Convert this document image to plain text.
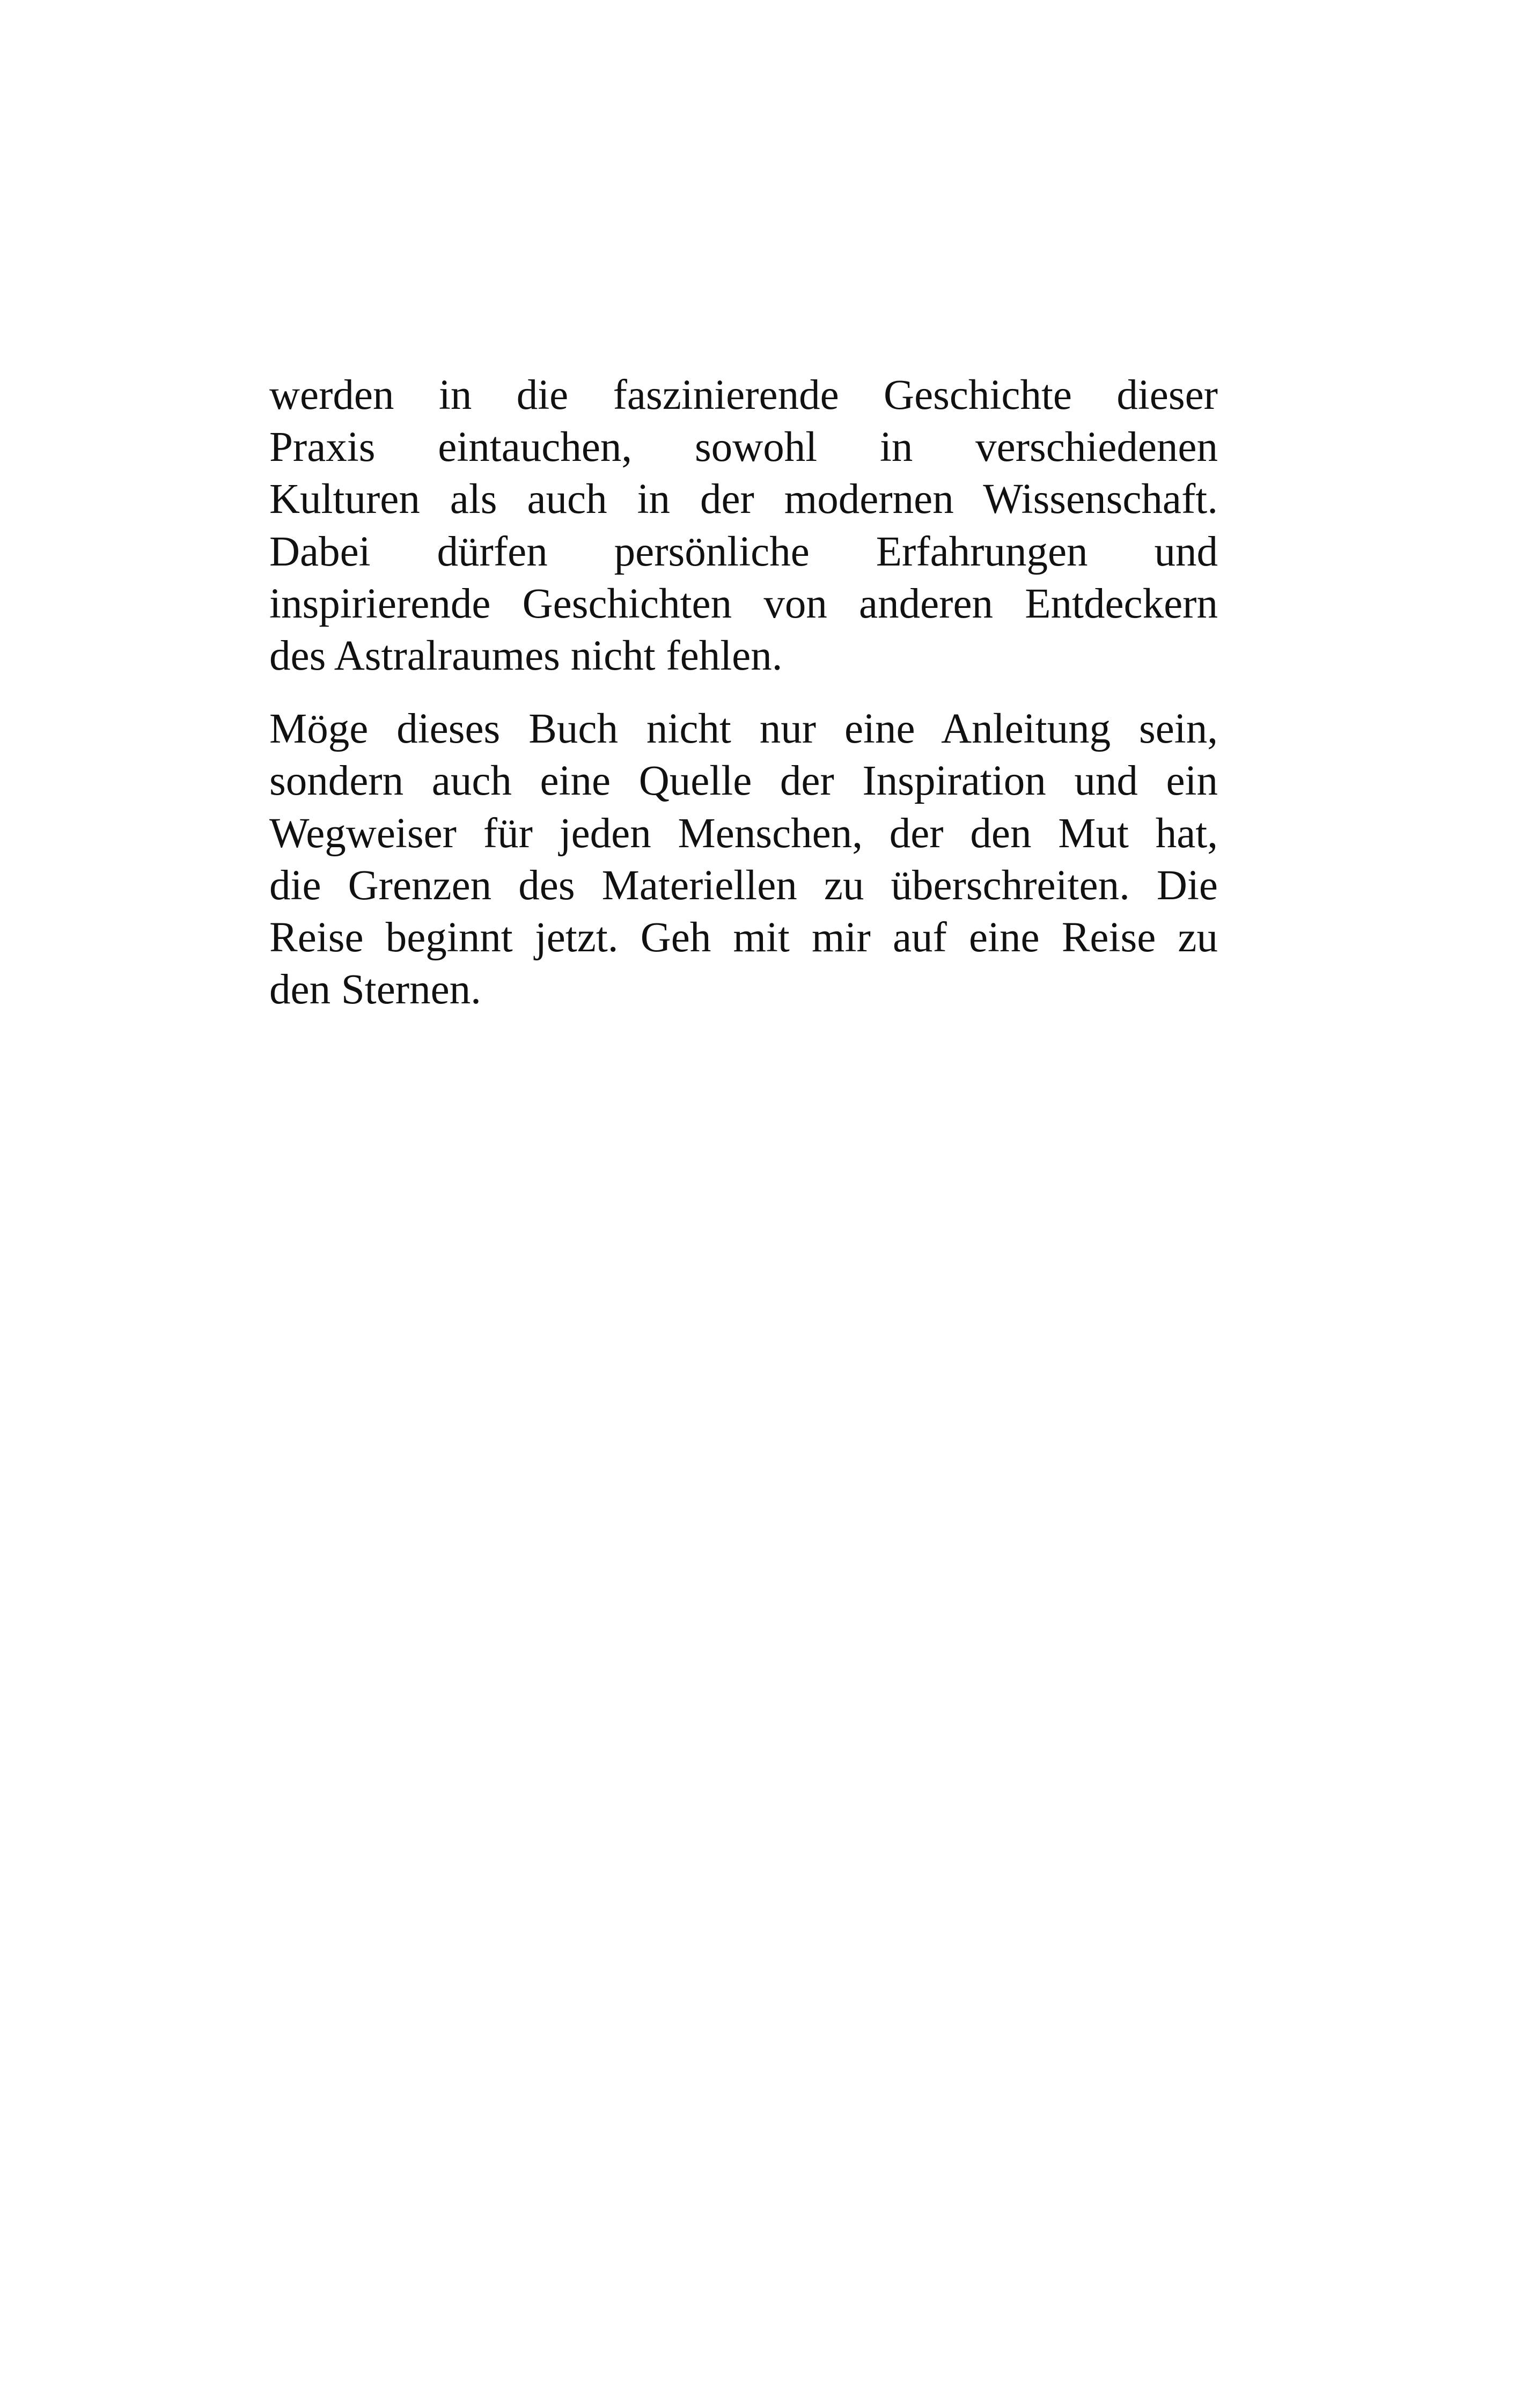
werden in die faszinierende Geschichte dieser
Praxis eintauchen, sowohl in verschiedenen
Kulturen als auch in der modernen Wissenschaft.
Dabei dürfen persönliche Erfahrungen und
inspirierende Geschichten von anderen Entdeckern
des Astralraumes nicht fehlen.

Möge dieses Buch nicht nur eine Anleitung sein,
sondern auch eine Quelle der Inspiration und ein
Wegweiser für jeden Menschen, der den Mut hat,
die Grenzen des Materiellen zu überschreiten. Die
Reise beginnt jetzt. Geh mit mir auf eine Reise zu
den Sternen.
